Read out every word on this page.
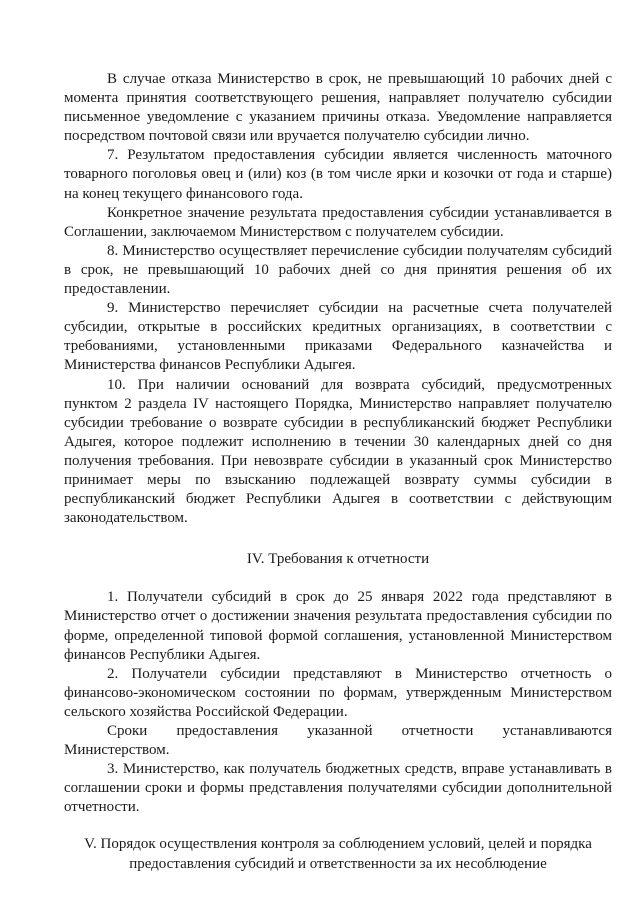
В случае отказа Министерство в срок, не превышающий 10 рабочих дней с момента принятия соответствующего решения, направляет получателю субсидии письменное уведомление с указанием причины отказа. Уведомление направляется посредством почтовой связи или вручается получателю субсидии лично.

7. Результатом предоставления субсидии является численность маточного товарного поголовья овец и (или) коз (в том числе ярки и козочки от года и старше) на конец текущего финансового года.

Конкретное значение результата предоставления субсидии устанавливается в Соглашении, заключаемом Министерством с получателем субсидии.

8. Министерство осуществляет перечисление субсидии получателям субсидий в срок, не превышающий 10 рабочих дней со дня принятия решения об их предоставлении.

9. Министерство перечисляет субсидии на расчетные счета получателей субсидии, открытые в российских кредитных организациях, в соответствии с требованиями, установленными приказами Федерального казначейства и Министерства финансов Республики Адыгея.

10. При наличии оснований для возврата субсидий, предусмотренных пунктом 2 раздела IV настоящего Порядка, Министерство направляет получателю субсидии требование о возврате субсидии в республиканский бюджет Республики Адыгея, которое подлежит исполнению в течении 30 календарных дней со дня получения требования. При невозврате субсидии в указанный срок Министерство принимает меры по взысканию подлежащей возврату суммы субсидии в республиканский бюджет Республики Адыгея в соответствии с действующим законодательством.

IV. Требования к отчетности

1. Получатели субсидий в срок до 25 января 2022 года представляют в Министерство отчет о достижении значения результата предоставления субсидии по форме, определенной типовой формой соглашения, установленной Министерством финансов Республики Адыгея.

2. Получатели субсидии представляют в Министерство отчетность о финансово-экономическом состоянии по формам, утвержденным Министерством сельского хозяйства Российской Федерации.

Сроки предоставления указанной отчетности устанавливаются Министерством.

3. Министерство, как получатель бюджетных средств, вправе устанавливать в соглашении сроки и формы представления получателями субсидии дополнительной отчетности.

V. Порядок осуществления контроля за соблюдением условий, целей и порядка
предоставления субсидий и ответственности за их несоблюдение
